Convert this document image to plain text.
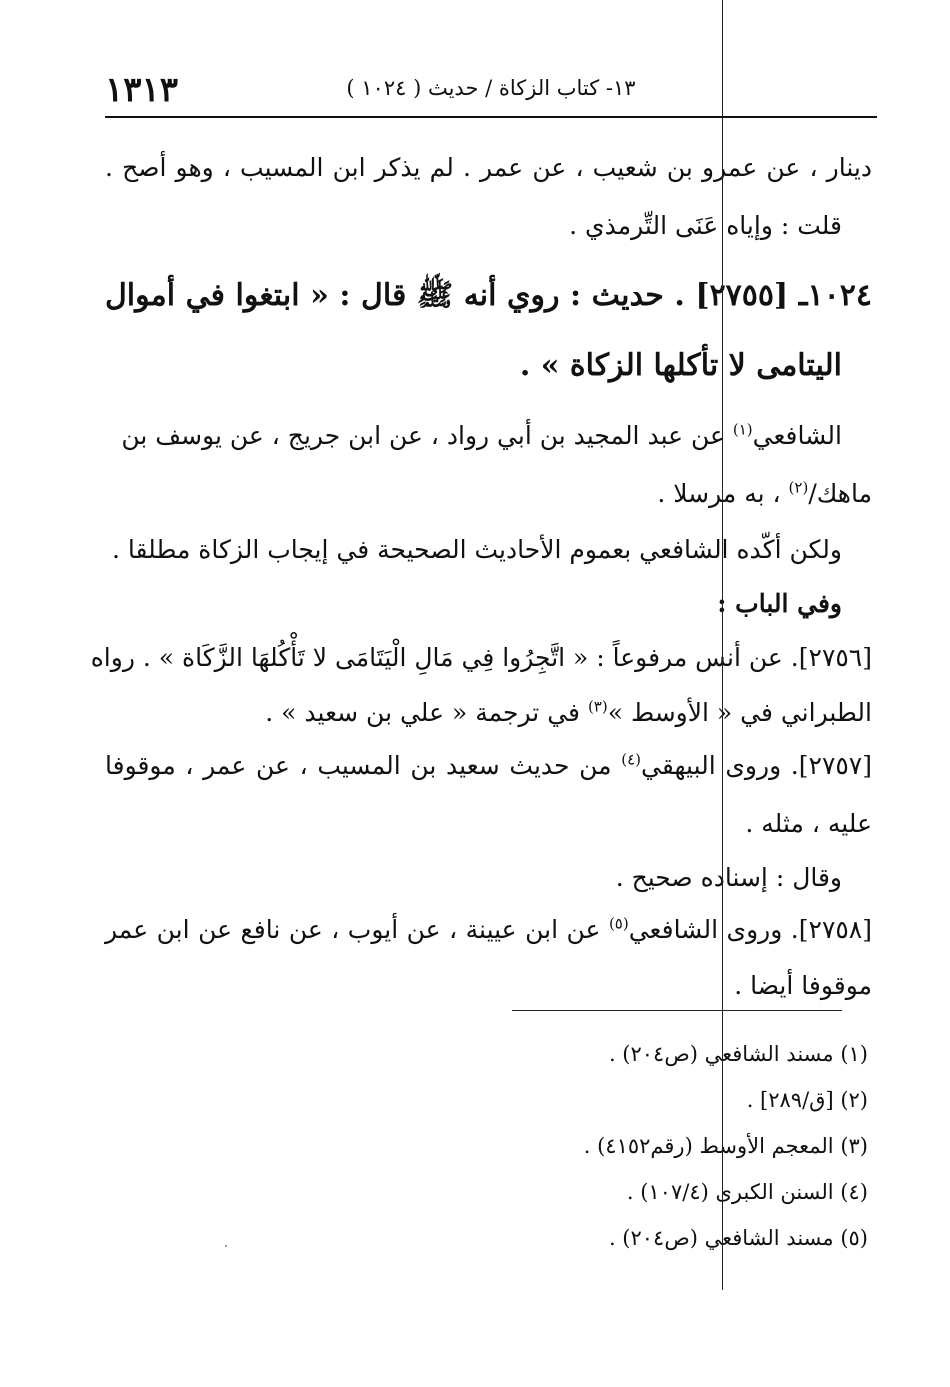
١٣١٣	١٣- كتاب الزكاة / حديث ( ١٠٢٤ )
دينار ، عن عمرو بن شعيب ، عن عمر . لم يذكر ابن المسيب ، وهو أصح .
قلت : وإياه عَنَى التِّرمذي .
١٠٢٤ـ [٢٧٥٥] . حديث : روي أنه ﷺ قال : « ابتغوا في أموال
اليتامى لا تأكلها الزكاة » .
الشافعي$^{(١)}$ عن عبد المجيد بن أبي رواد ، عن ابن جريج ، عن يوسف بن
ماهك/$^{(٢)}$ ، به مرسلا .
ولكن أكّده الشافعي بعموم الأحاديث الصحيحة في إيجاب الزكاة مطلقا .
وفي الباب :
[٢٧٥٦]. عن أنس مرفوعاً : « اتَّجِرُوا فِي مَالِ الْيَتَامَى لا تَأْكُلهَا الزَّكَاة » . رواه
الطبراني في « الأوسط »$^{(٣)}$ في ترجمة « علي بن سعيد » .
[٢٧٥٧]. وروى البيهقي$^{(٤)}$ من حديث سعيد بن المسيب ، عن عمر ، موقوفا
عليه ، مثله .
وقال : إسناده صحيح .
[٢٧٥٨]. وروى الشافعي$^{(٥)}$ عن ابن عيينة ، عن أيوب ، عن نافع عن ابن عمر
موقوفا أيضا .
(١) مسند الشافعي (ص٢٠٤) .
(٢) [ق/٢٨٩] .
(٣) المعجم الأوسط (رقم٤١٥٢) .
(٤) السنن الكبرى (١٠٧/٤) .
(٥) مسند الشافعي (ص٢٠٤) .
